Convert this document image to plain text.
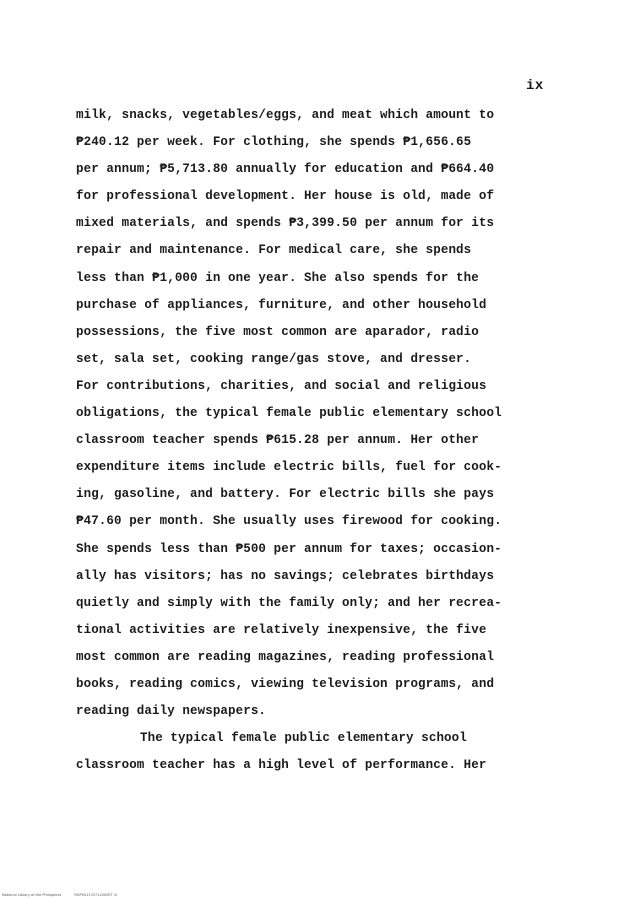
ix
milk, snacks, vegetables/eggs, and meat which amount to
₱240.12 per week. For clothing, she spends ₱1,656.65
per annum; ₱5,713.80 annually for education and ₱664.40
for professional development. Her house is old, made of
mixed materials, and spends ₱3,399.50 per annum for its
repair and maintenance. For medical care, she spends
less than ₱1,000 in one year. She also spends for the
purchase of appliances, furniture, and other household
possessions, the five most common are aparador, radio
set, sala set, cooking range/gas stove, and dresser.
For contributions, charities, and social and religious
obligations, the typical female public elementary school
classroom teacher spends ₱615.28 per annum. Her other
expenditure items include electric bills, fuel for cook-
ing, gasoline, and battery. For electric bills she pays
₱47.60 per month. She usually uses firewood for cooking.
She spends less than ₱500 per annum for taxes; occasion-
ally has visitors; has no savings; celebrates birthdays
quietly and simply with the family only; and her recrea-
tional activities are relatively inexpensive, the five
most common are reading magazines, reading professional
books, reading comics, viewing television programs, and
reading daily newspapers.
The typical female public elementary school
classroom teacher has a high level of performance. Her
National Library of the Philippines	RGP001133712000ET iii
